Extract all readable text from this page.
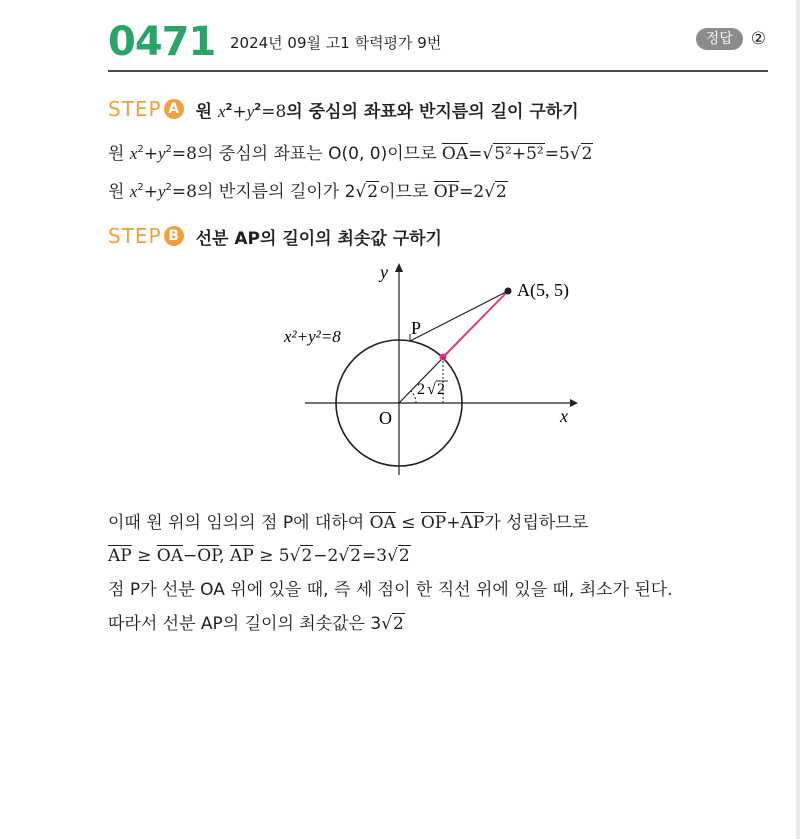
0471 2024년 09월 고1 학력평가 9번	정답	②
STEP A 원 $x^2+y^2=8$의 중심의 좌표와 반지름의 길이 구하기
원 $x^2+y^2=8$의 중심의 좌표는 O(0, 0)이므로 $\overline{OA}=√5^2+5^2=5√2$
원 $x^2+y^2=8$의 반지름의 길이가 2√2이므로 $\overline{OP}=2√2$
STEP B 선분 AP의 길이의 최솟값 구하기
y
x
O
A(5, 5)
P
x²+y²=8
2 √ 2
이때 원 위의 임의의 점 P에 대하여 $\overline{OA} \le \overline{OP}+\overline{AP}$가 성립하므로
$\overline{AP} \ge \overline{OA}-\overline{OP}$, $\overline{AP} \ge 5√2-2√2=3√2$
점 P가 선분 OA 위에 있을 때, 즉 세 점이 한 직선 위에 있을 때, 최소가 된다.
따라서 선분 AP의 길이의 최솟값은 3√2
